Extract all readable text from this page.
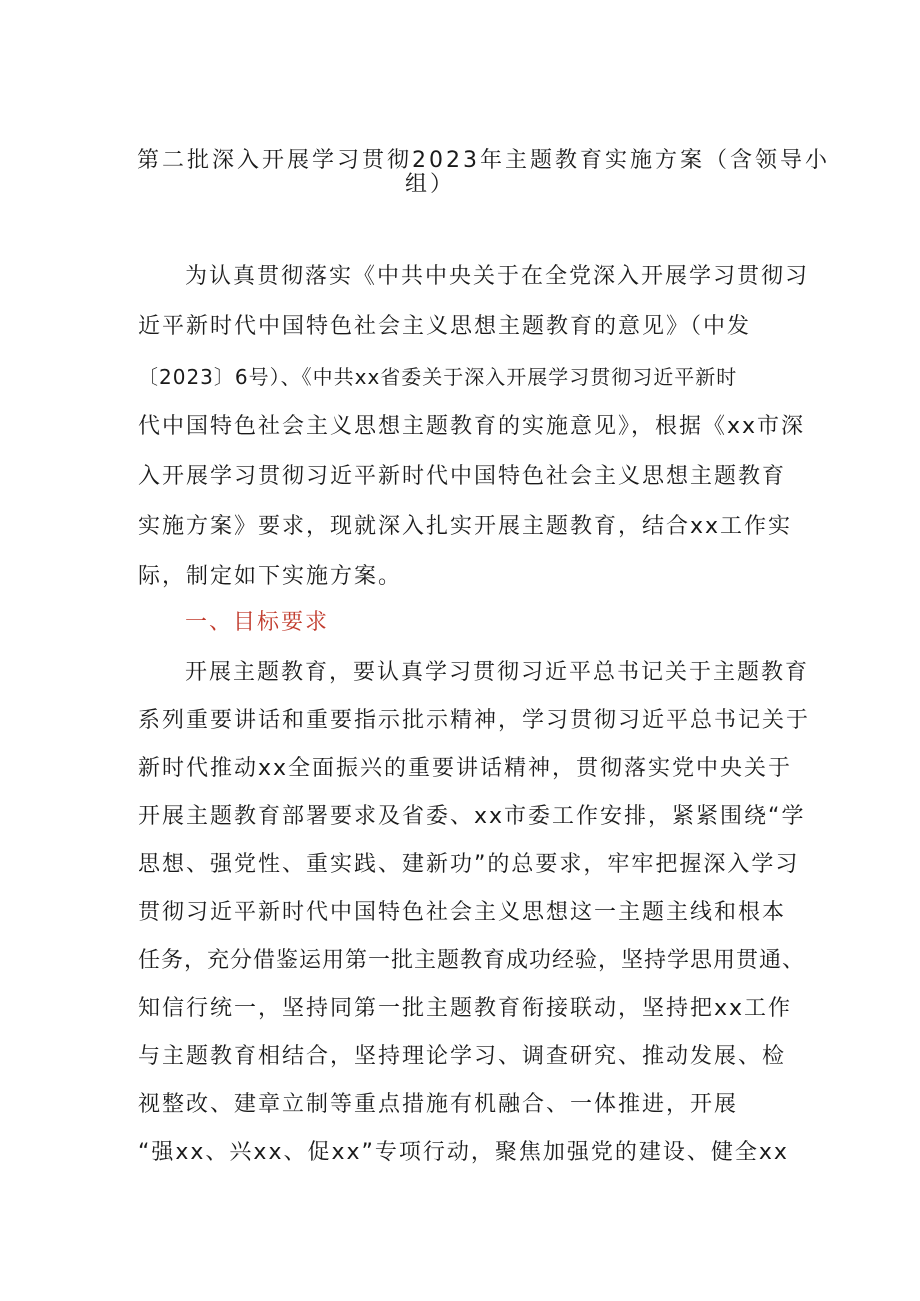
第二批深入开展学习贯彻2023年主题教育实施方案（含领导小
组）
为认真贯彻落实《中共中央关于在全党深入开展学习贯彻习
近平新时代中国特色社会主义思想主题教育的意见》（中发
〔2023〕6号）、《中共xx省委关于深入开展学习贯彻习近平新时
代中国特色社会主义思想主题教育的实施意见》，根据《xx市深
入开展学习贯彻习近平新时代中国特色社会主义思想主题教育
实施方案》要求，现就深入扎实开展主题教育，结合xx工作实
际，制定如下实施方案。
一、目标要求
开展主题教育，要认真学习贯彻习近平总书记关于主题教育
系列重要讲话和重要指示批示精神，学习贯彻习近平总书记关于
新时代推动xx全面振兴的重要讲话精神，贯彻落实党中央关于
开展主题教育部署要求及省委、xx市委工作安排，紧紧围绕“学
思想、强党性、重实践、建新功”的总要求，牢牢把握深入学习
贯彻习近平新时代中国特色社会主义思想这一主题主线和根本
任务，充分借鉴运用第一批主题教育成功经验，坚持学思用贯通、
知信行统一，坚持同第一批主题教育衔接联动，坚持把xx工作
与主题教育相结合，坚持理论学习、调查研究、推动发展、检
视整改、建章立制等重点措施有机融合、一体推进，开展
“强xx、兴xx、促xx”专项行动，聚焦加强党的建设、健全xx
